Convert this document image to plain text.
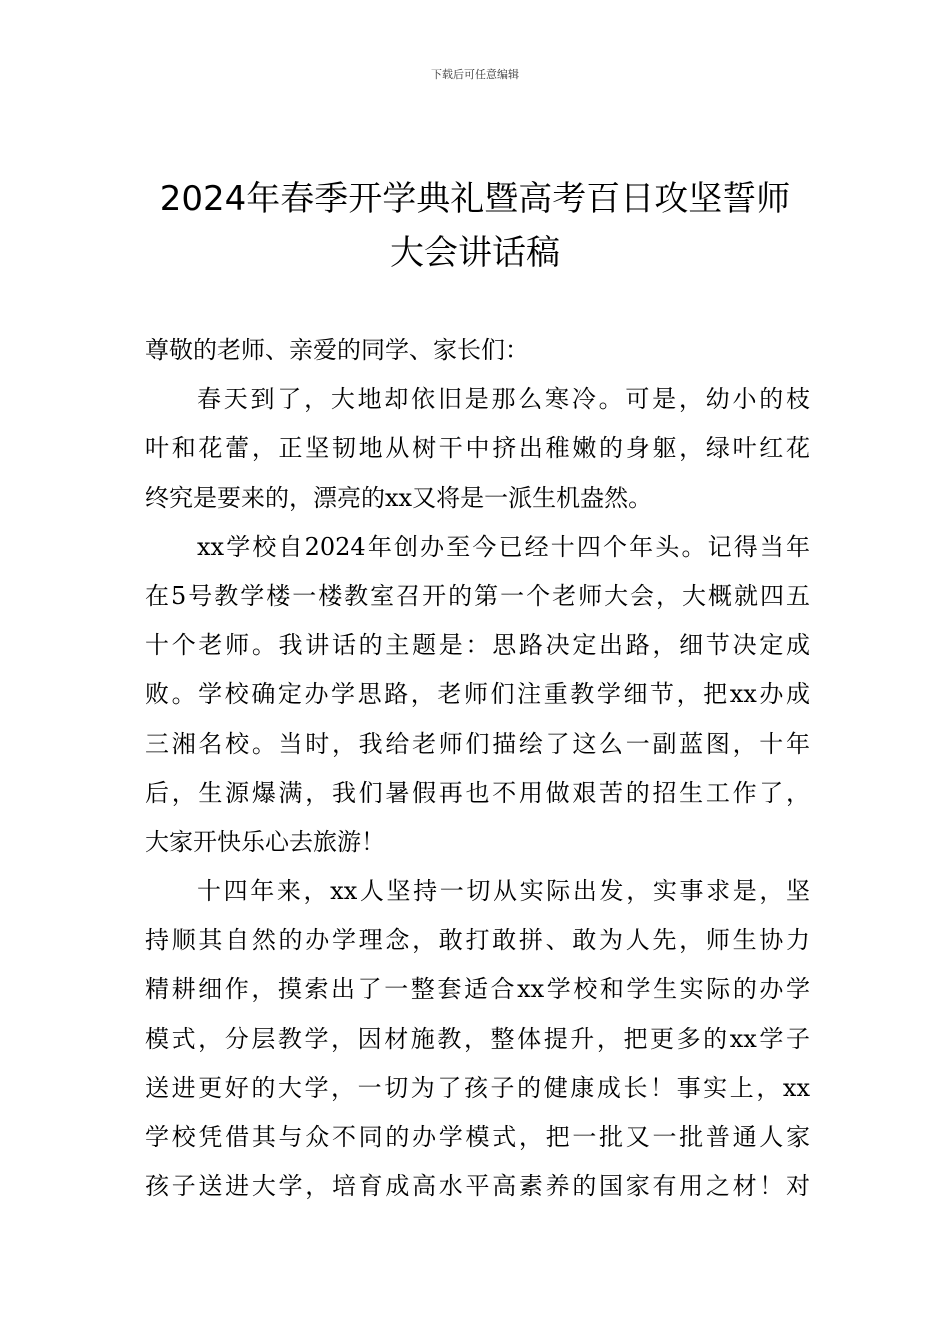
下载后可任意编辑
2024年春季开学典礼暨高考百日攻坚誓师
大会讲话稿
尊敬的老师、亲爱的同学、家长们：
春天到了，大地却依旧是那么寒冷。可是，幼小的枝
叶和花蕾，正坚韧地从树干中挤出稚嫩的身躯，绿叶红花
终究是要来的，漂亮的xx又将是一派生机盎然。
xx学校自2024年创办至今已经十四个年头。记得当年
在5号教学楼一楼教室召开的第一个老师大会，大概就四五
十个老师。我讲话的主题是：思路决定出路，细节决定成
败。学校确定办学思路，老师们注重教学细节，把xx办成
三湘名校。当时，我给老师们描绘了这么一副蓝图，十年
后，生源爆满，我们暑假再也不用做艰苦的招生工作了，
大家开快乐心去旅游！
十四年来，xx人坚持一切从实际出发，实事求是，坚
持顺其自然的办学理念，敢打敢拼、敢为人先，师生协力
精耕细作，摸索出了一整套适合xx学校和学生实际的办学
模式，分层教学，因材施教，整体提升，把更多的xx学子
送进更好的大学，一切为了孩子的健康成长！事实上，xx
学校凭借其与众不同的办学模式，把一批又一批普通人家
孩子送进大学，培育成高水平高素养的国家有用之材！对
